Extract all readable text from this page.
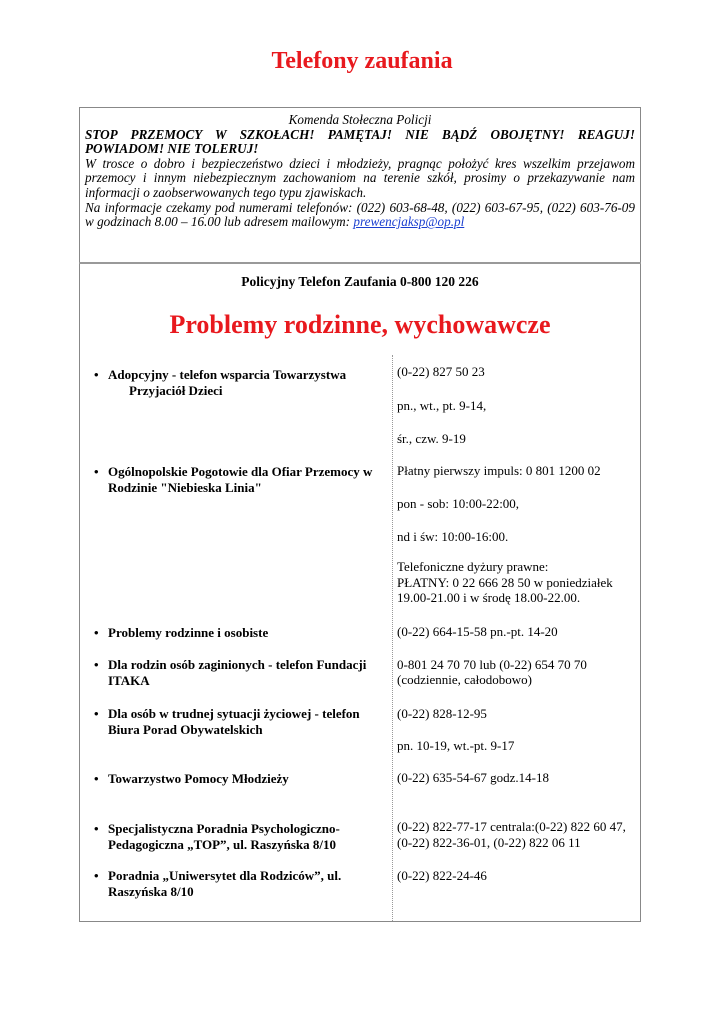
Telefony zaufania
Komenda Stołeczna Policji
STOP PRZEMOCY W SZKOŁACH! PAMĘTAJ! NIE BĄDŹ OBOJĘTNY! REAGUJ! POWIADOM! NIE TOLERUJ!
W trosce o dobro i bezpieczeństwo dzieci i młodzieży, pragnąc położyć kres wszelkim przejawom przemocy i innym niebezpiecznym zachowaniom na terenie szkół, prosimy o przekazywanie nam informacji o zaobserwowanych tego typu zjawiskach.
Na informacje czekamy pod numerami telefonów: (022) 603-68-48, (022) 603-67-95, (022) 603-76-09 w godzinach 8.00 – 16.00 lub adresem mailowym: prewencjaksp@op.pl
Policyjny Telefon Zaufania 0-800 120 226
Problemy rodzinne, wychowawcze
• Adopcyjny - telefon wsparcia Towarzystwa
Przyjaciół Dzieci
• Ogólnopolskie Pogotowie dla Ofiar Przemocy w
Rodzinie "Niebieska Linia"
• Problemy rodzinne i osobiste
• Dla rodzin osób zaginionych - telefon Fundacji
ITAKA
• Dla osób w trudnej sytuacji życiowej - telefon
Biura Porad Obywatelskich
• Towarzystwo Pomocy Młodzieży
• Specjalistyczna Poradnia Psychologiczno-
Pedagogiczna „TOP”, ul. Raszyńska 8/10
• Poradnia „Uniwersytet dla Rodziców”, ul.
Raszyńska 8/10
(0-22) 827 50 23
pn., wt., pt. 9-14,
śr., czw. 9-19
Płatny pierwszy impuls: 0 801 1200 02
pon - sob: 10:00-22:00,
nd i św: 10:00-16:00.
Telefoniczne dyżury prawne:
PŁATNY: 0 22 666 28 50 w poniedziałek
19.00-21.00 i w środę 18.00-22.00.
(0-22) 664-15-58 pn.-pt. 14-20
0-801 24 70 70 lub (0-22) 654 70 70
(codziennie, całodobowo)
(0-22) 828-12-95
pn. 10-19, wt.-pt. 9-17
(0-22) 635-54-67 godz.14-18
(0-22) 822-77-17 centrala:(0-22) 822 60 47,
(0-22) 822-36-01, (0-22) 822 06 11
(0-22) 822-24-46
